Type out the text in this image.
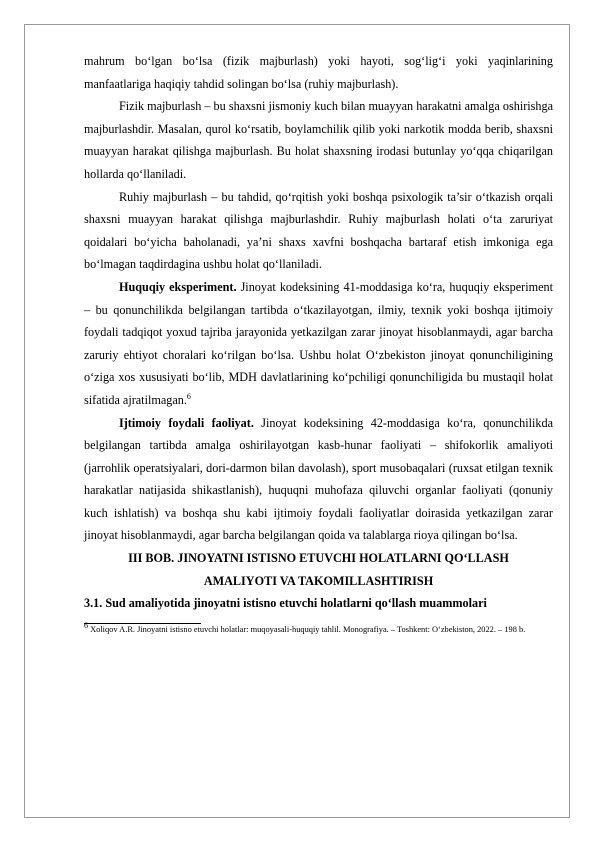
mahrum bo‘lgan bo‘lsa (fizik majburlash) yoki hayoti, sog‘lig‘i yoki yaqinlarining manfaatlariga haqiqiy tahdid solingan bo‘lsa (ruhiy majburlash).

Fizik majburlash – bu shaxsni jismoniy kuch bilan muayyan harakatni amalga oshirishga majburlashdir. Masalan, qurol ko‘rsatib, boylamchilik qilib yoki narkotik modda berib, shaxsni muayyan harakat qilishga majburlash. Bu holat shaxsning irodasi butunlay yo‘qqa chiqarilgan hollarda qo‘llaniladi.

Ruhiy majburlash – bu tahdid, qo‘rqitish yoki boshqa psixologik ta’sir o‘tkazish orqali shaxsni muayyan harakat qilishga majburlashdir. Ruhiy majburlash holati o‘ta zaruriyat qoidalari bo‘yicha baholanadi, ya’ni shaxs xavfni boshqacha bartaraf etish imkoniga ega bo‘lmagan taqdirdagina ushbu holat qo‘llaniladi.

Huquqiy eksperiment. Jinoyat kodeksining 41-moddasiga ko‘ra, huquqiy eksperiment – bu qonunchilikda belgilangan tartibda o‘tkazilayotgan, ilmiy, texnik yoki boshqa ijtimoiy foydali tadqiqot yoxud tajriba jarayonida yetkazilgan zarar jinoyat hisoblanmaydi, agar barcha zaruriy ehtiyot choralari ko‘rilgan bo‘lsa. Ushbu holat O‘zbekiston jinoyat qonunchiligining o‘ziga xos xususiyati bo‘lib, MDH davlatlarining ko‘pchiligi qonunchiligida bu mustaqil holat sifatida ajratilmagan.$^6$

Ijtimoiy foydali faoliyat. Jinoyat kodeksining 42-moddasiga ko‘ra, qonunchilikda belgilangan tartibda amalga oshirilayotgan kasb-hunar faoliyati – shifokorlik amaliyoti (jarrohlik operatsiyalari, dori-darmon bilan davolash), sport musobaqalari (ruxsat etilgan texnik harakatlar natijasida shikastlanish), huquqni muhofaza qiluvchi organlar faoliyati (qonuniy kuch ishlatish) va boshqa shu kabi ijtimoiy foydali faoliyatlar doirasida yetkazilgan zarar jinoyat hisoblanmaydi, agar barcha belgilangan qoida va talablarga rioya qilingan bo‘lsa.

III BOB. JINOYATNI ISTISNO ETUVCHI HOLATLARNI QO‘LLASH

AMALIYOTI VA TAKOMILLASHTIRISH

3.1. Sud amaliyotida jinoyatni istisno etuvchi holatlarni qo‘llash muammolari

6 Xoliqov A.R. Jinoyatni istisno etuvchi holatlar: muqoyasali-huquqiy tahlil. Monografiya. – Toshkent: O‘zbekiston, 2022. – 198 b.
